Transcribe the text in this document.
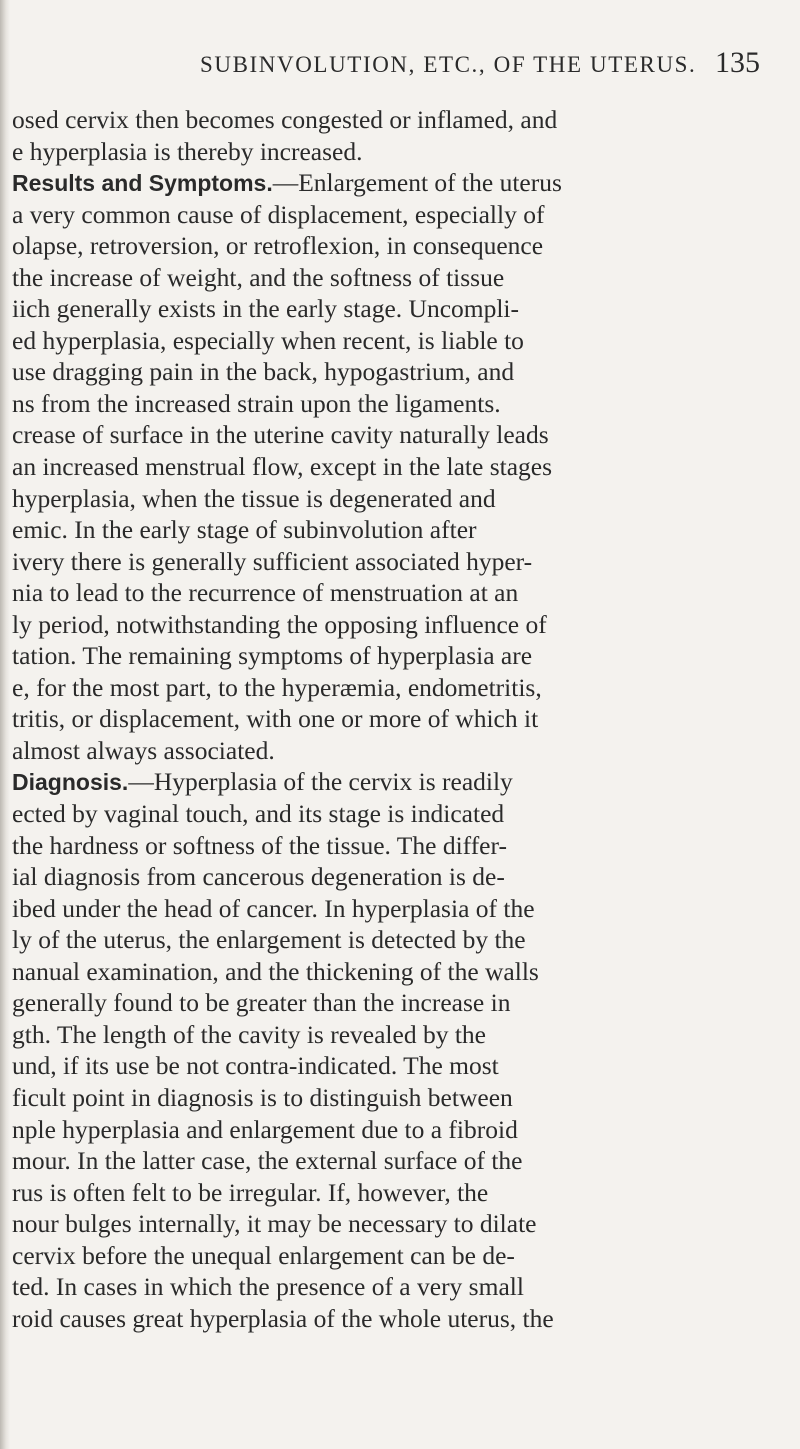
SUBINVOLUTION, ETC., OF THE UTERUS. 135
osed cervix then becomes congested or inflamed, and
e hyperplasia is thereby increased.
Results and Symptoms.—Enlargement of the uterus
a very common cause of displacement, especially of
olapse, retroversion, or retroflexion, in consequence
the increase of weight, and the softness of tissue
iich generally exists in the early stage. Uncompli-
ed hyperplasia, especially when recent, is liable to
use dragging pain in the back, hypogastrium, and
ns from the increased strain upon the ligaments.
crease of surface in the uterine cavity naturally leads
an increased menstrual flow, except in the late stages
hyperplasia, when the tissue is degenerated and
emic. In the early stage of subinvolution after
ivery there is generally sufficient associated hyper-
nia to lead to the recurrence of menstruation at an
ly period, notwithstanding the opposing influence of
tation. The remaining symptoms of hyperplasia are
e, for the most part, to the hyperæmia, endometritis,
tritis, or displacement, with one or more of which it
almost always associated.
Diagnosis.—Hyperplasia of the cervix is readily
ected by vaginal touch, and its stage is indicated
the hardness or softness of the tissue. The differ-
ial diagnosis from cancerous degeneration is de-
ibed under the head of cancer. In hyperplasia of the
ly of the uterus, the enlargement is detected by the
nanual examination, and the thickening of the walls
generally found to be greater than the increase in
gth. The length of the cavity is revealed by the
und, if its use be not contra-indicated. The most
ficult point in diagnosis is to distinguish between
nple hyperplasia and enlargement due to a fibroid
mour. In the latter case, the external surface of the
rus is often felt to be irregular. If, however, the
nour bulges internally, it may be necessary to dilate
cervix before the unequal enlargement can be de-
ted. In cases in which the presence of a very small
roid causes great hyperplasia of the whole uterus, the
